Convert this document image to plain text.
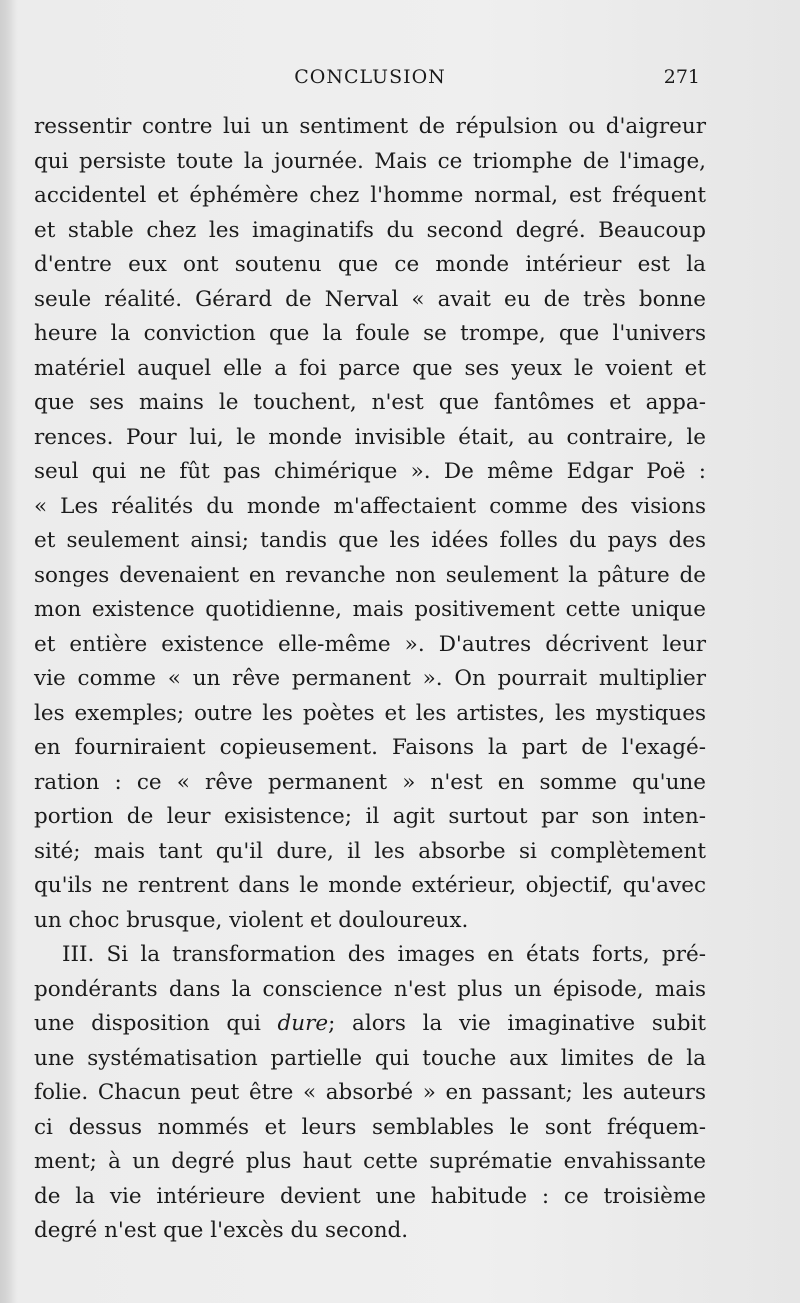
CONCLUSION	271
ressentir contre lui un sentiment de répulsion ou d'aigreur
qui persiste toute la journée. Mais ce triomphe de l'image,
accidentel et éphémère chez l'homme normal, est fréquent
et stable chez les imaginatifs du second degré. Beaucoup
d'entre eux ont soutenu que ce monde intérieur est la
seule réalité. Gérard de Nerval « avait eu de très bonne
heure la conviction que la foule se trompe, que l'univers
matériel auquel elle a foi parce que ses yeux le voient et
que ses mains le touchent, n'est que fantômes et appa-
rences. Pour lui, le monde invisible était, au contraire, le
seul qui ne fût pas chimérique ». De même Edgar Poë :
« Les réalités du monde m'affectaient comme des visions
et seulement ainsi; tandis que les idées folles du pays des
songes devenaient en revanche non seulement la pâture de
mon existence quotidienne, mais positivement cette unique
et entière existence elle-même ». D'autres décrivent leur
vie comme « un rêve permanent ». On pourrait multiplier
les exemples; outre les poètes et les artistes, les mystiques
en fourniraient copieusement. Faisons la part de l'exagé-
ration : ce « rêve permanent » n'est en somme qu'une
portion de leur exisistence; il agit surtout par son inten-
sité; mais tant qu'il dure, il les absorbe si complètement
qu'ils ne rentrent dans le monde extérieur, objectif, qu'avec
un choc brusque, violent et douloureux.
III. Si la transformation des images en états forts, pré-
pondérants dans la conscience n'est plus un épisode, mais
une disposition qui dure; alors la vie imaginative subit
une systématisation partielle qui touche aux limites de la
folie. Chacun peut être « absorbé » en passant; les auteurs
ci dessus nommés et leurs semblables le sont fréquem-
ment; à un degré plus haut cette suprématie envahissante
de la vie intérieure devient une habitude : ce troisième
degré n'est que l'excès du second.
